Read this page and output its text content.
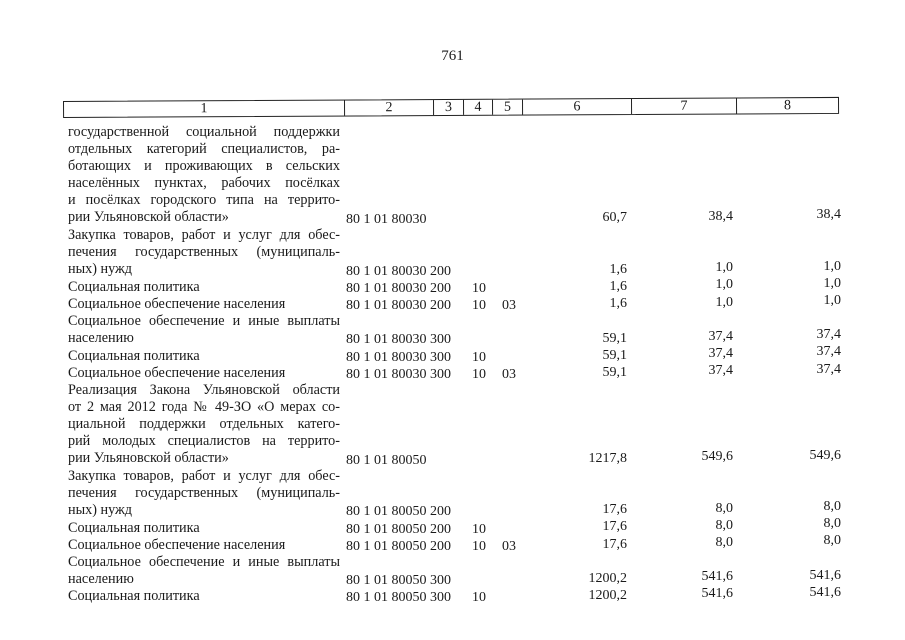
761
1	2	3	4	5	6	7	8
государственной социальной поддержки
отдельных категорий специалистов, ра-
ботающих и проживающих в сельских
населённых пунктах, рабочих посёлках
и посёлках городского типа на террито-
рии Ульяновской области»	80 1 01 80030	60,7	38,4	38,4
Закупка товаров, работ и услуг для обес-
печения государственных (муниципаль-
ных) нужд	80 1 01 80030 200	1,6	1,0	1,0
Социальная политика	80 1 01 80030 200 10	1,6	1,0	1,0
Социальное обеспечение населения	80 1 01 80030 200 10 03	1,6	1,0	1,0
Социальное обеспечение и иные выплаты
населению	80 1 01 80030 300	59,1	37,4	37,4
Социальная политика	80 1 01 80030 300 10	59,1	37,4	37,4
Социальное обеспечение населения	80 1 01 80030 300 10 03	59,1	37,4	37,4
Реализация Закона Ульяновской области
от 2 мая 2012 года № 49-ЗО «О мерах со-
циальной поддержки отдельных катего-
рий молодых специалистов на террито-
рии Ульяновской области»	80 1 01 80050	1217,8	549,6	549,6
Закупка товаров, работ и услуг для обес-
печения государственных (муниципаль-
ных) нужд	80 1 01 80050 200	17,6	8,0	8,0
Социальная политика	80 1 01 80050 200 10	17,6	8,0	8,0
Социальное обеспечение населения	80 1 01 80050 200 10 03	17,6	8,0	8,0
Социальное обеспечение и иные выплаты
населению	80 1 01 80050 300	1200,2	541,6	541,6
Социальная политика	80 1 01 80050 300 10	1200,2	541,6	541,6
